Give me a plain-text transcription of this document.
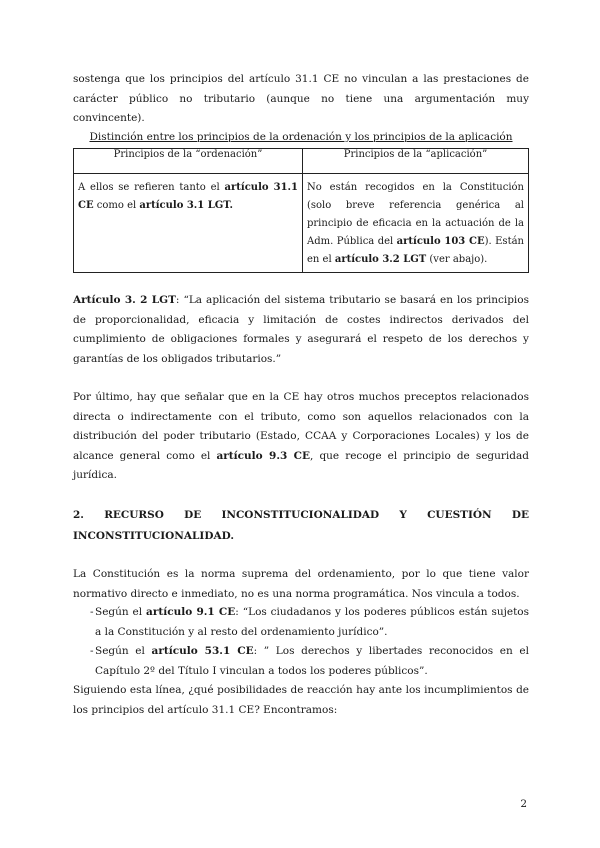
sostenga que los principios del artículo 31.1 CE no vinculan a las prestaciones de carácter público no tributario (aunque no tiene una argumentación muy convincente).

Distinción entre los principios de la ordenación y los principios de la aplicación
Principios de la “ordenación”	Principios de la “aplicación”
A ellos se refieren tanto el artículo 31.1 CE como el artículo 3.1 LGT.	No están recogidos en la Constitución (solo breve referencia genérica al principio de eficacia en la actuación de la Adm. Pública del artículo 103 CE). Están en el artículo 3.2 LGT (ver abajo).

Artículo 3. 2 LGT: “La aplicación del sistema tributario se basará en los principios de proporcionalidad, eficacia y limitación de costes indirectos derivados del cumplimiento de obligaciones formales y asegurará el respeto de los derechos y garantías de los obligados tributarios.”

Por último, hay que señalar que en la CE hay otros muchos preceptos relacionados directa o indirectamente con el tributo, como son aquellos relacionados con la distribución del poder tributario (Estado, CCAA y Corporaciones Locales) y los de alcance general como el artículo 9.3 CE, que recoge el principio de seguridad jurídica.

2. RECURSO DE INCONSTITUCIONALIDAD Y CUESTIÓN DE
INCONSTITUCIONALIDAD.

La Constitución es la norma suprema del ordenamiento, por lo que tiene valor normativo directo e inmediato, no es una norma programática. Nos vincula a todos.

- Según el artículo 9.1 CE: “Los ciudadanos y los poderes públicos están sujetos a la Constitución y al resto del ordenamiento jurídico”.
- Según el artículo 53.1 CE: ” Los derechos y libertades reconocidos en el Capítulo 2º del Título I vinculan a todos los poderes públicos”.

Siguiendo esta línea, ¿qué posibilidades de reacción hay ante los incumplimientos de los principios del artículo 31.1 CE? Encontramos:

2
